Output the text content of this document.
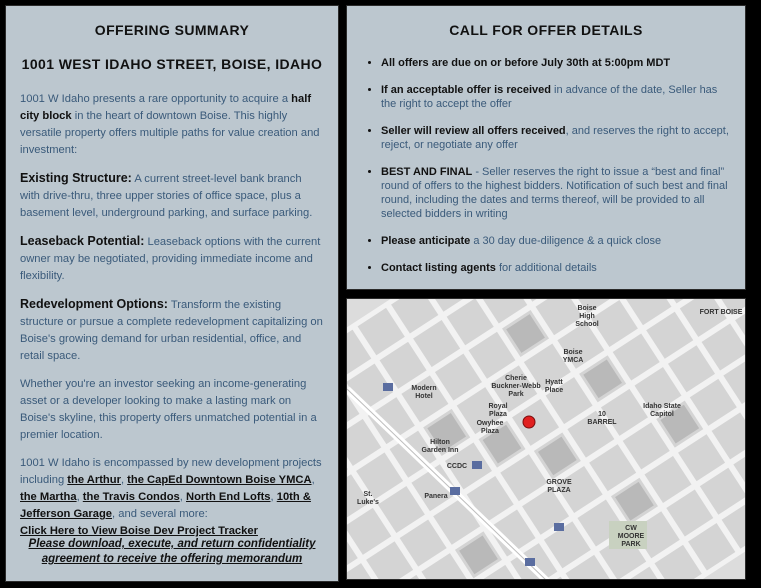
OFFERING SUMMARY
1001 WEST IDAHO STREET, BOISE, IDAHO

1001 W Idaho presents a rare opportunity to acquire a half city block in the heart of downtown Boise. This highly versatile property offers multiple paths for value creation and investment:

Existing Structure: A current street-level bank branch with drive-thru, three upper stories of office space, plus a basement level, underground parking, and surface parking.

Leaseback Potential: Leaseback options with the current owner may be negotiated, providing immediate income and flexibility.

Redevelopment Options: Transform the existing structure or pursue a complete redevelopment capitalizing on Boise's growing demand for urban residential, office, and retail space.

Whether you're an investor seeking an income-generating asset or a developer looking to make a lasting mark on Boise's skyline, this property offers unmatched potential in a premier location.

1001 W Idaho is encompassed by new development projects including the Arthur, the CapEd Downtown Boise YMCA, the Martha, the Travis Condos, North End Lofts, 10th & Jefferson Garage, and several more:
Click Here to View Boise Dev Project Tracker

Please download, execute, and return confidentiality agreement to receive the offering memorandum
CALL FOR OFFER DETAILS
• All offers are due on or before July 30th at 5:00pm MDT
• If an acceptable offer is received in advance of the date, Seller has the right to accept the offer
• Seller will review all offers received, and reserves the right to accept, reject, or negotiate any offer
• BEST AND FINAL - Seller reserves the right to issue a “best and final” round of offers to the highest bidders. Notification of such best and final round, including the dates and terms thereof, will be provided to all selected bidders in writing
• Please anticipate a 30 day due-diligence & a quick close
• Contact listing agents for additional details
Boise High School
FORT BOISE
Boise YMCA
Modern Hotel
Cherie Buckner-Webb Park
Hyatt Place
Royal Plaza
Owyhee Plaza
10 BARREL
Idaho State Capitol
Hilton Garden Inn
CCDC
GROVE PLAZA
St. Luke's
Panera
CW MOORE PARK
